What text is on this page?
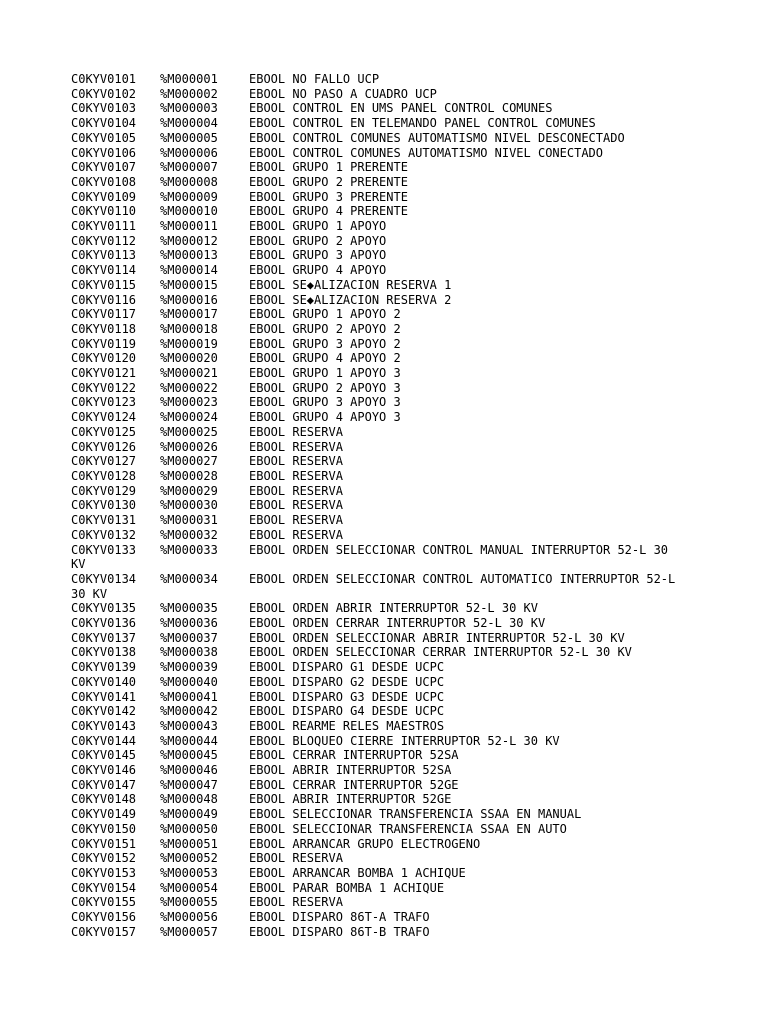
C0KYV0101 %M000001	EBOOL NO FALLO UCP
C0KYV0102 %M000002	EBOOL NO PASO A CUADRO UCP
C0KYV0103 %M000003	EBOOL CONTROL EN UMS PANEL CONTROL COMUNES
C0KYV0104 %M000004	EBOOL CONTROL EN TELEMANDO PANEL CONTROL COMUNES
C0KYV0105 %M000005	EBOOL CONTROL COMUNES AUTOMATISMO NIVEL DESCONECTADO
C0KYV0106 %M000006	EBOOL CONTROL COMUNES AUTOMATISMO NIVEL CONECTADO
C0KYV0107 %M000007	EBOOL GRUPO 1 PRERENTE
C0KYV0108 %M000008	EBOOL GRUPO 2 PRERENTE
C0KYV0109 %M000009	EBOOL GRUPO 3 PRERENTE
C0KYV0110 %M000010	EBOOL GRUPO 4 PRERENTE
C0KYV0111 %M000011	EBOOL GRUPO 1 APOYO
C0KYV0112 %M000012	EBOOL GRUPO 2 APOYO
C0KYV0113 %M000013	EBOOL GRUPO 3 APOYO
C0KYV0114 %M000014	EBOOL GRUPO 4 APOYO
C0KYV0115 %M000015	EBOOL SE◆ALIZACION RESERVA 1
C0KYV0116 %M000016	EBOOL SE◆ALIZACION RESERVA 2
C0KYV0117 %M000017	EBOOL GRUPO 1 APOYO 2
C0KYV0118 %M000018	EBOOL GRUPO 2 APOYO 2
C0KYV0119 %M000019	EBOOL GRUPO 3 APOYO 2
C0KYV0120 %M000020	EBOOL GRUPO 4 APOYO 2
C0KYV0121 %M000021	EBOOL GRUPO 1 APOYO 3
C0KYV0122 %M000022	EBOOL GRUPO 2 APOYO 3
C0KYV0123 %M000023	EBOOL GRUPO 3 APOYO 3
C0KYV0124 %M000024	EBOOL GRUPO 4 APOYO 3
C0KYV0125 %M000025	EBOOL RESERVA
C0KYV0126 %M000026	EBOOL RESERVA
C0KYV0127 %M000027	EBOOL RESERVA
C0KYV0128 %M000028	EBOOL RESERVA
C0KYV0129 %M000029	EBOOL RESERVA
C0KYV0130 %M000030	EBOOL RESERVA
C0KYV0131 %M000031	EBOOL RESERVA
C0KYV0132 %M000032	EBOOL RESERVA
C0KYV0133 %M000033	EBOOL ORDEN SELECCIONAR CONTROL MANUAL INTERRUPTOR 52-L 30
KV
C0KYV0134 %M000034	EBOOL ORDEN SELECCIONAR CONTROL AUTOMATICO INTERRUPTOR 52-L
30 KV
C0KYV0135 %M000035	EBOOL ORDEN ABRIR INTERRUPTOR 52-L 30 KV
C0KYV0136 %M000036	EBOOL ORDEN CERRAR INTERRUPTOR 52-L 30 KV
C0KYV0137 %M000037	EBOOL ORDEN SELECCIONAR ABRIR INTERRUPTOR 52-L 30 KV
C0KYV0138 %M000038	EBOOL ORDEN SELECCIONAR CERRAR INTERRUPTOR 52-L 30 KV
C0KYV0139 %M000039	EBOOL DISPARO G1 DESDE UCPC
C0KYV0140 %M000040	EBOOL DISPARO G2 DESDE UCPC
C0KYV0141 %M000041	EBOOL DISPARO G3 DESDE UCPC
C0KYV0142 %M000042	EBOOL DISPARO G4 DESDE UCPC
C0KYV0143 %M000043	EBOOL REARME RELES MAESTROS
C0KYV0144 %M000044	EBOOL BLOQUEO CIERRE INTERRUPTOR 52-L 30 KV
C0KYV0145 %M000045	EBOOL CERRAR INTERRUPTOR 52SA
C0KYV0146 %M000046	EBOOL ABRIR INTERRUPTOR 52SA
C0KYV0147 %M000047	EBOOL CERRAR INTERRUPTOR 52GE
C0KYV0148 %M000048	EBOOL ABRIR INTERRUPTOR 52GE
C0KYV0149 %M000049	EBOOL SELECCIONAR TRANSFERENCIA SSAA EN MANUAL
C0KYV0150 %M000050	EBOOL SELECCIONAR TRANSFERENCIA SSAA EN AUTO
C0KYV0151 %M000051	EBOOL ARRANCAR GRUPO ELECTROGENO
C0KYV0152 %M000052	EBOOL RESERVA
C0KYV0153 %M000053	EBOOL ARRANCAR BOMBA 1 ACHIQUE
C0KYV0154 %M000054	EBOOL PARAR BOMBA 1 ACHIQUE
C0KYV0155 %M000055	EBOOL RESERVA
C0KYV0156 %M000056	EBOOL DISPARO 86T-A TRAFO
C0KYV0157 %M000057	EBOOL DISPARO 86T-B TRAFO
